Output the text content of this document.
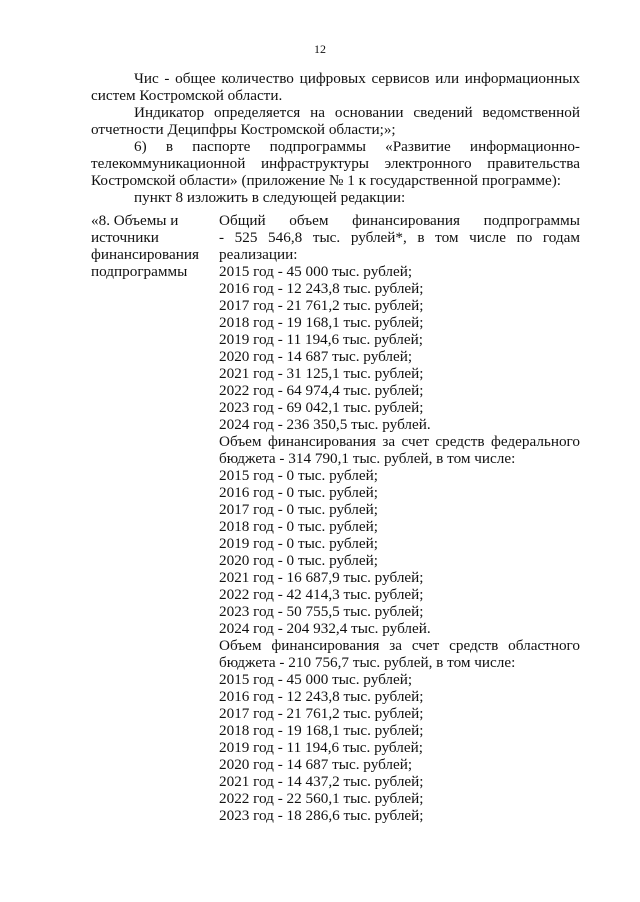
12

Чис - общее количество цифровых сервисов или информационных

систем Костромской области.

Индикатор определяется на основании сведений ведомственной

отчетности Деципфры Костромской области;»;

6) в паспорте подпрограммы «Развитие информационно-

телекоммуникационной инфраструктуры электронного правительства

Костромской области» (приложение № 1 к государственной программе):

пункт 8 изложить в следующей редакции:

«8. Объемы и
источники
финансирования
подпрограммы

Общий объем финансирования подпрограммы

- 525 546,8 тыс. рублей*, в том числе по годам

реализации:

2015 год - 45 000 тыс. рублей;

2016 год - 12 243,8 тыс. рублей;

2017 год - 21 761,2 тыс. рублей;

2018 год - 19 168,1 тыс. рублей;

2019 год - 11 194,6 тыс. рублей;

2020 год - 14 687 тыс. рублей;

2021 год - 31 125,1 тыс. рублей;

2022 год - 64 974,4 тыс. рублей;

2023 год - 69 042,1 тыс. рублей;

2024 год - 236 350,5 тыс. рублей.

Объем финансирования за счет средств федерального

бюджета - 314 790,1 тыс. рублей, в том числе:

2015 год - 0 тыс. рублей;

2016 год - 0 тыс. рублей;

2017 год - 0 тыс. рублей;

2018 год - 0 тыс. рублей;

2019 год - 0 тыс. рублей;

2020 год - 0 тыс. рублей;

2021 год - 16 687,9 тыс. рублей;

2022 год - 42 414,3 тыс. рублей;

2023 год - 50 755,5 тыс. рублей;

2024 год - 204 932,4 тыс. рублей.

Объем финансирования за счет средств областного

бюджета - 210 756,7 тыс. рублей, в том числе:

2015 год - 45 000 тыс. рублей;

2016 год - 12 243,8 тыс. рублей;

2017 год - 21 761,2 тыс. рублей;

2018 год - 19 168,1 тыс. рублей;

2019 год - 11 194,6 тыс. рублей;

2020 год - 14 687 тыс. рублей;

2021 год - 14 437,2 тыс. рублей;

2022 год - 22 560,1 тыс. рублей;

2023 год - 18 286,6 тыс. рублей;
